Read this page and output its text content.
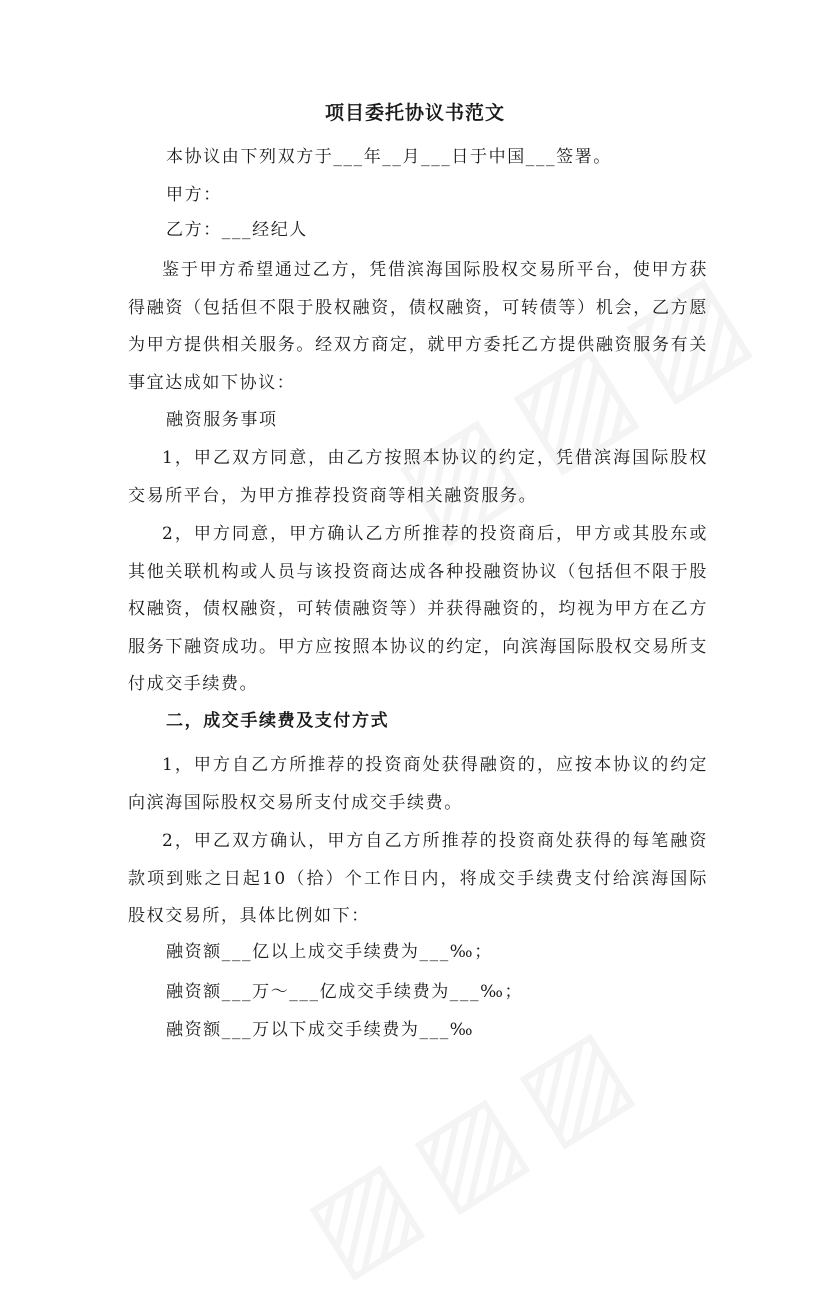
项目委托协议书范文
本协议由下列双方于___年__月___日于中国___签署。
甲方：
乙方：___经纪人
鉴于甲方希望通过乙方，凭借滨海国际股权交易所平台，使甲方获得融资（包括但不限于股权融资，债权融资，可转债等）机会，乙方愿为甲方提供相关服务。经双方商定，就甲方委托乙方提供融资服务有关事宜达成如下协议：
融资服务事项
1，甲乙双方同意，由乙方按照本协议的约定，凭借滨海国际股权交易所平台，为甲方推荐投资商等相关融资服务。
2，甲方同意，甲方确认乙方所推荐的投资商后，甲方或其股东或其他关联机构或人员与该投资商达成各种投融资协议（包括但不限于股权融资，债权融资，可转债融资等）并获得融资的，均视为甲方在乙方服务下融资成功。甲方应按照本协议的约定，向滨海国际股权交易所支付成交手续费。
二，成交手续费及支付方式
1，甲方自乙方所推荐的投资商处获得融资的，应按本协议的约定向滨海国际股权交易所支付成交手续费。
2，甲乙双方确认，甲方自乙方所推荐的投资商处获得的每笔融资款项到账之日起10（拾）个工作日内，将成交手续费支付给滨海国际股权交易所，具体比例如下：
融资额___亿以上成交手续费为___‰；
融资额___万～___亿成交手续费为___‰；
融资额___万以下成交手续费为___‰
